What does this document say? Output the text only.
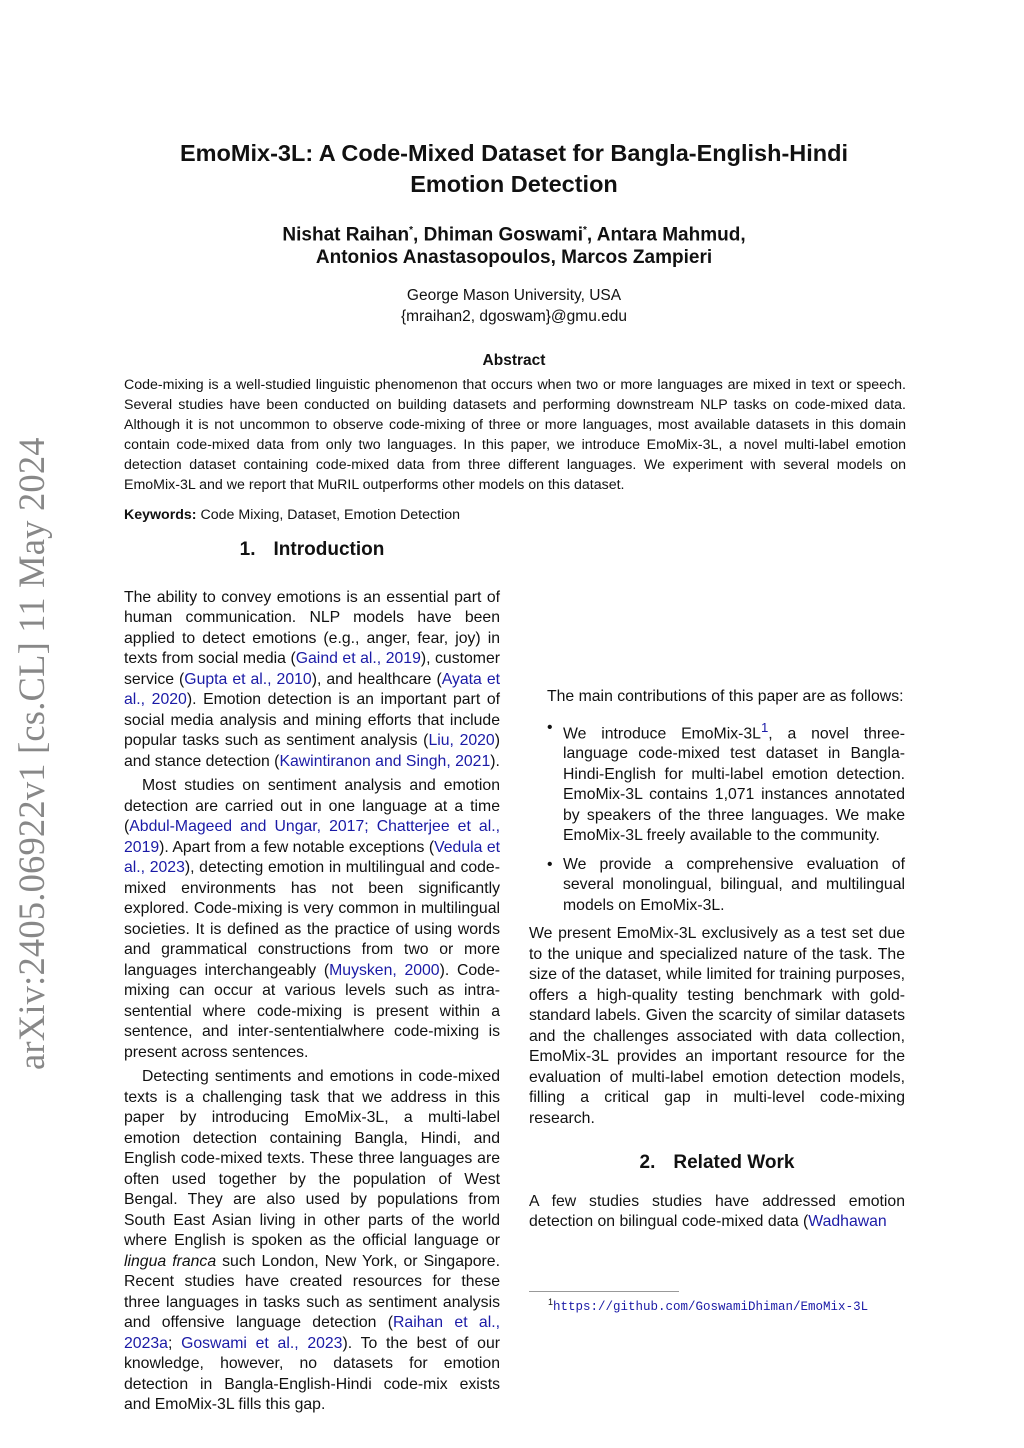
arXiv:2405.06922v1 [cs.CL] 11 May 2024
EmoMix-3L: A Code-Mixed Dataset for Bangla-English-Hindi
Emotion Detection
Nishat Raihan*, Dhiman Goswami*, Antara Mahmud,
Antonios Anastasopoulos, Marcos Zampieri
George Mason University, USA
{mraihan2, dgoswam}@gmu.edu
Abstract

Code-mixing is a well-studied linguistic phenomenon that occurs when two or more languages are mixed in text or speech. Several studies have been conducted on building datasets and performing downstream NLP tasks on code-mixed data. Although it is not uncommon to observe code-mixing of three or more languages, most available datasets in this domain contain code-mixed data from only two languages. In this paper, we introduce EmoMix-3L, a novel multi-label emotion detection dataset containing code-mixed data from three different languages. We experiment with several models on EmoMix-3L and we report that MuRIL outperforms other models on this dataset.

Keywords: Code Mixing, Dataset, Emotion Detection
1. Introduction

The ability to convey emotions is an essential part of human communication. NLP models have been applied to detect emotions (e.g., anger, fear, joy) in texts from social media (Gaind et al., 2019), customer service (Gupta et al., 2010), and healthcare (Ayata et al., 2020). Emotion detection is an important part of social media analysis and mining efforts that include popular tasks such as sentiment analysis (Liu, 2020) and stance detection (Kawintiranon and Singh, 2021).

Most studies on sentiment analysis and emotion detection are carried out in one language at a time (Abdul-Mageed and Ungar, 2017; Chatterjee et al., 2019). Apart from a few notable exceptions (Vedula et al., 2023), detecting emotion in multilingual and code-mixed environments has not been significantly explored. Code-mixing is very common in multilingual societies. It is defined as the practice of using words and grammatical constructions from two or more languages interchangeably (Muysken, 2000). Code-mixing can occur at various levels such as intra-sentential where code-mixing is present within a sentence, and inter-sententialwhere code-mixing is present across sentences.

Detecting sentiments and emotions in code-mixed texts is a challenging task that we address in this paper by introducing EmoMix-3L, a multi-label emotion detection containing Bangla, Hindi, and English code-mixed texts. These three languages are often used together by the population of West Bengal. They are also used by populations from South East Asian living in other parts of the world where English is spoken as the official language or lingua franca such London, New York, or Singapore. Recent studies have created resources for these three languages in tasks such as sentiment analysis and offensive language detection (Raihan et al., 2023a; Goswami et al., 2023). To the best of our knowledge, however, no datasets for emotion detection in Bangla-English-Hindi code-mix exists and EmoMix-3L fills this gap.

The main contributions of this paper are as follows:

• We introduce EmoMix-$3L^1$, a novel three-language code-mixed test dataset in Bangla-Hindi-English for multi-label emotion detection. EmoMix-3L contains 1,071 instances annotated by speakers of the three languages. We make EmoMix-3L freely available to the community.
• We provide a comprehensive evaluation of several monolingual, bilingual, and multilingual models on EmoMix-3L.

We present EmoMix-3L exclusively as a test set due to the unique and specialized nature of the task. The size of the dataset, while limited for training purposes, offers a high-quality testing benchmark with gold-standard labels. Given the scarcity of similar datasets and the challenges associated with data collection, EmoMix-3L provides an important resource for the evaluation of multi-label emotion detection models, filling a critical gap in multi-level code-mixing research.

2. Related Work

A few studies studies have addressed emotion detection on bilingual code-mixed data (Wadhawan

$^1$https://github.com/GoswamiDhiman/EmoMix-3L
